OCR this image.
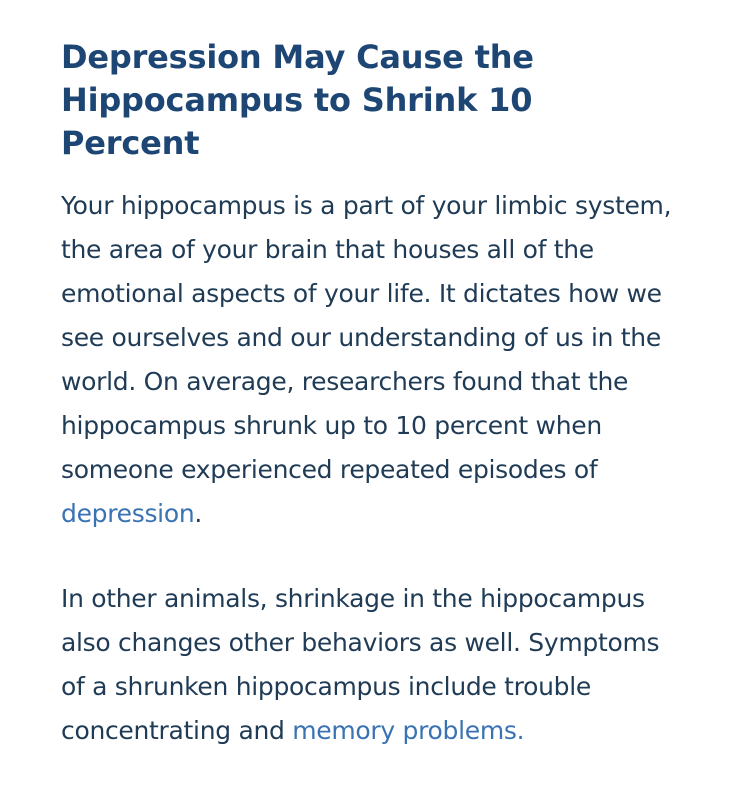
Depression May Cause the Hippocampus to Shrink 10 Percent

Your hippocampus is a part of your limbic system, the area of your brain that houses all of the emotional aspects of your life. It dictates how we see ourselves and our understanding of us in the world. On average, researchers found that the hippocampus shrunk up to 10 percent when someone experienced repeated episodes of depression.

In other animals, shrinkage in the hippocampus also changes other behaviors as well. Symptoms of a shrunken hippocampus include trouble concentrating and memory problems.
